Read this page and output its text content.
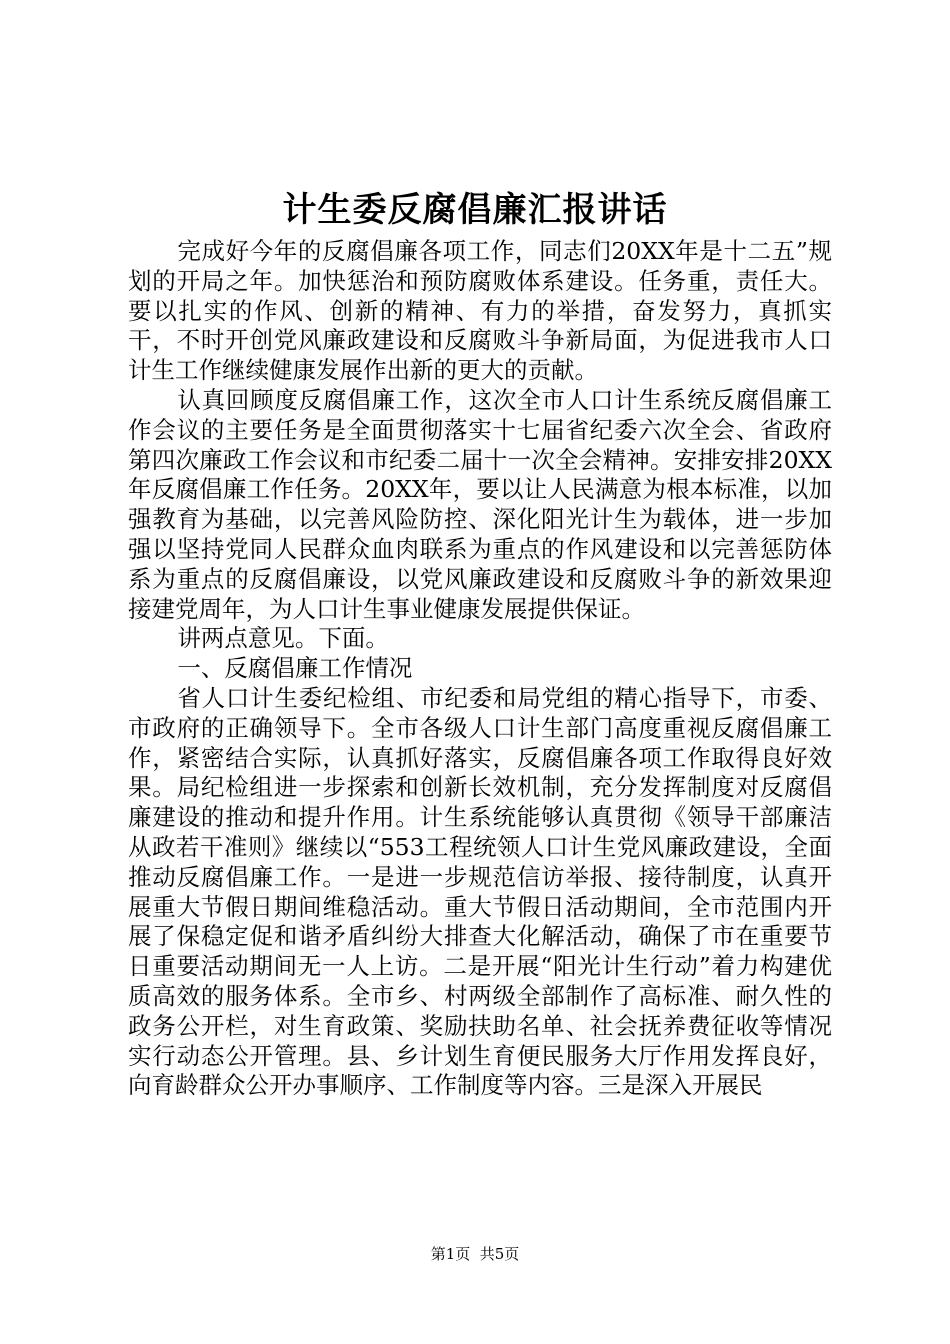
计生委反腐倡廉汇报讲话

完成好今年的反腐倡廉各项工作，同志们20XX年是十二五”规划的开局之年。加快惩治和预防腐败体系建设。任务重，责任大。要以扎实的作风、创新的精神、有力的举措，奋发努力，真抓实干，不时开创党风廉政建设和反腐败斗争新局面，为促进我市人口计生工作继续健康发展作出新的更大的贡献。

认真回顾度反腐倡廉工作，这次全市人口计生系统反腐倡廉工作会议的主要任务是全面贯彻落实十七届省纪委六次全会、省政府第四次廉政工作会议和市纪委二届十一次全会精神。安排安排20XX年反腐倡廉工作任务。20XX年，要以让人民满意为根本标准，以加强教育为基础，以完善风险防控、深化阳光计生为载体，进一步加强以坚持党同人民群众血肉联系为重点的作风建设和以完善惩防体系为重点的反腐倡廉设，以党风廉政建设和反腐败斗争的新效果迎接建党周年，为人口计生事业健康发展提供保证。

讲两点意见。下面。

一、反腐倡廉工作情况

省人口计生委纪检组、市纪委和局党组的精心指导下，市委、市政府的正确领导下。全市各级人口计生部门高度重视反腐倡廉工作，紧密结合实际，认真抓好落实，反腐倡廉各项工作取得良好效果。局纪检组进一步探索和创新长效机制，充分发挥制度对反腐倡廉建设的推动和提升作用。计生系统能够认真贯彻《领导干部廉洁从政若干准则》继续以“553工程统领人口计生党风廉政建设，全面推动反腐倡廉工作。一是进一步规范信访举报、接待制度，认真开展重大节假日期间维稳活动。重大节假日活动期间，全市范围内开展了保稳定促和谐矛盾纠纷大排查大化解活动，确保了市在重要节日重要活动期间无一人上访。二是开展“阳光计生行动”着力构建优质高效的服务体系。全市乡、村两级全部制作了高标准、耐久性的政务公开栏，对生育政策、奖励扶助名单、社会抚养费征收等情况实行动态公开管理。县、乡计划生育便民服务大厅作用发挥良好，向育龄群众公开办事顺序、工作制度等内容。三是深入开展民

第1页  共5页
